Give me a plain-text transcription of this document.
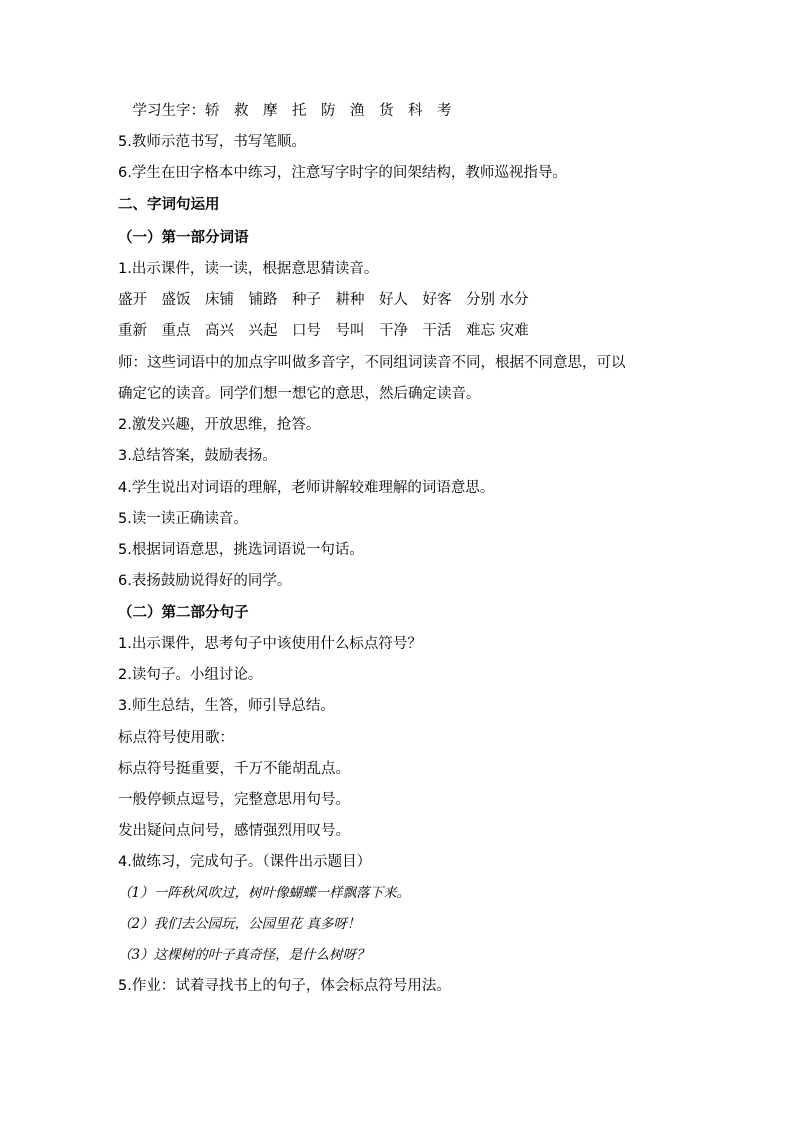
　学习生字：轿　救　摩　托　防　渔　货　科　考
5.教师示范书写，书写笔顺。
6.学生在田字格本中练习，注意写字时字的间架结构，教师巡视指导。
二、字词句运用
（一）第一部分词语
1.出示课件，读一读，根据意思猜读音。
盛开　盛饭　床铺　铺路　种子　耕种　好人　好客　分别 水分
重新　重点　高兴　兴起　口号　号叫　干净　干活　难忘 灾难
师：这些词语中的加点字叫做多音字，不同组词读音不同，根据不同意思，可以
确定它的读音。同学们想一想它的意思，然后确定读音。
2.激发兴趣，开放思维，抢答。
3.总结答案，鼓励表扬。
4.学生说出对词语的理解，老师讲解较难理解的词语意思。
5.读一读正确读音。
5.根据词语意思，挑选词语说一句话。
6.表扬鼓励说得好的同学。
（二）第二部分句子
1.出示课件，思考句子中该使用什么标点符号？
2.读句子。小组讨论。
3.师生总结，生答，师引导总结。
标点符号使用歌：
标点符号挺重要，千万不能胡乱点。
一般停顿点逗号，完整意思用句号。
发出疑问点问号，感情强烈用叹号。
4.做练习，完成句子。（课件出示题目）
（1）一阵秋风吹过，树叶像蝴蝶一样飘落下来。
（2）我们去公园玩，公园里花 真多呀！
（3）这棵树的叶子真奇怪，是什么树呀？
5.作业：试着寻找书上的句子，体会标点符号用法。
